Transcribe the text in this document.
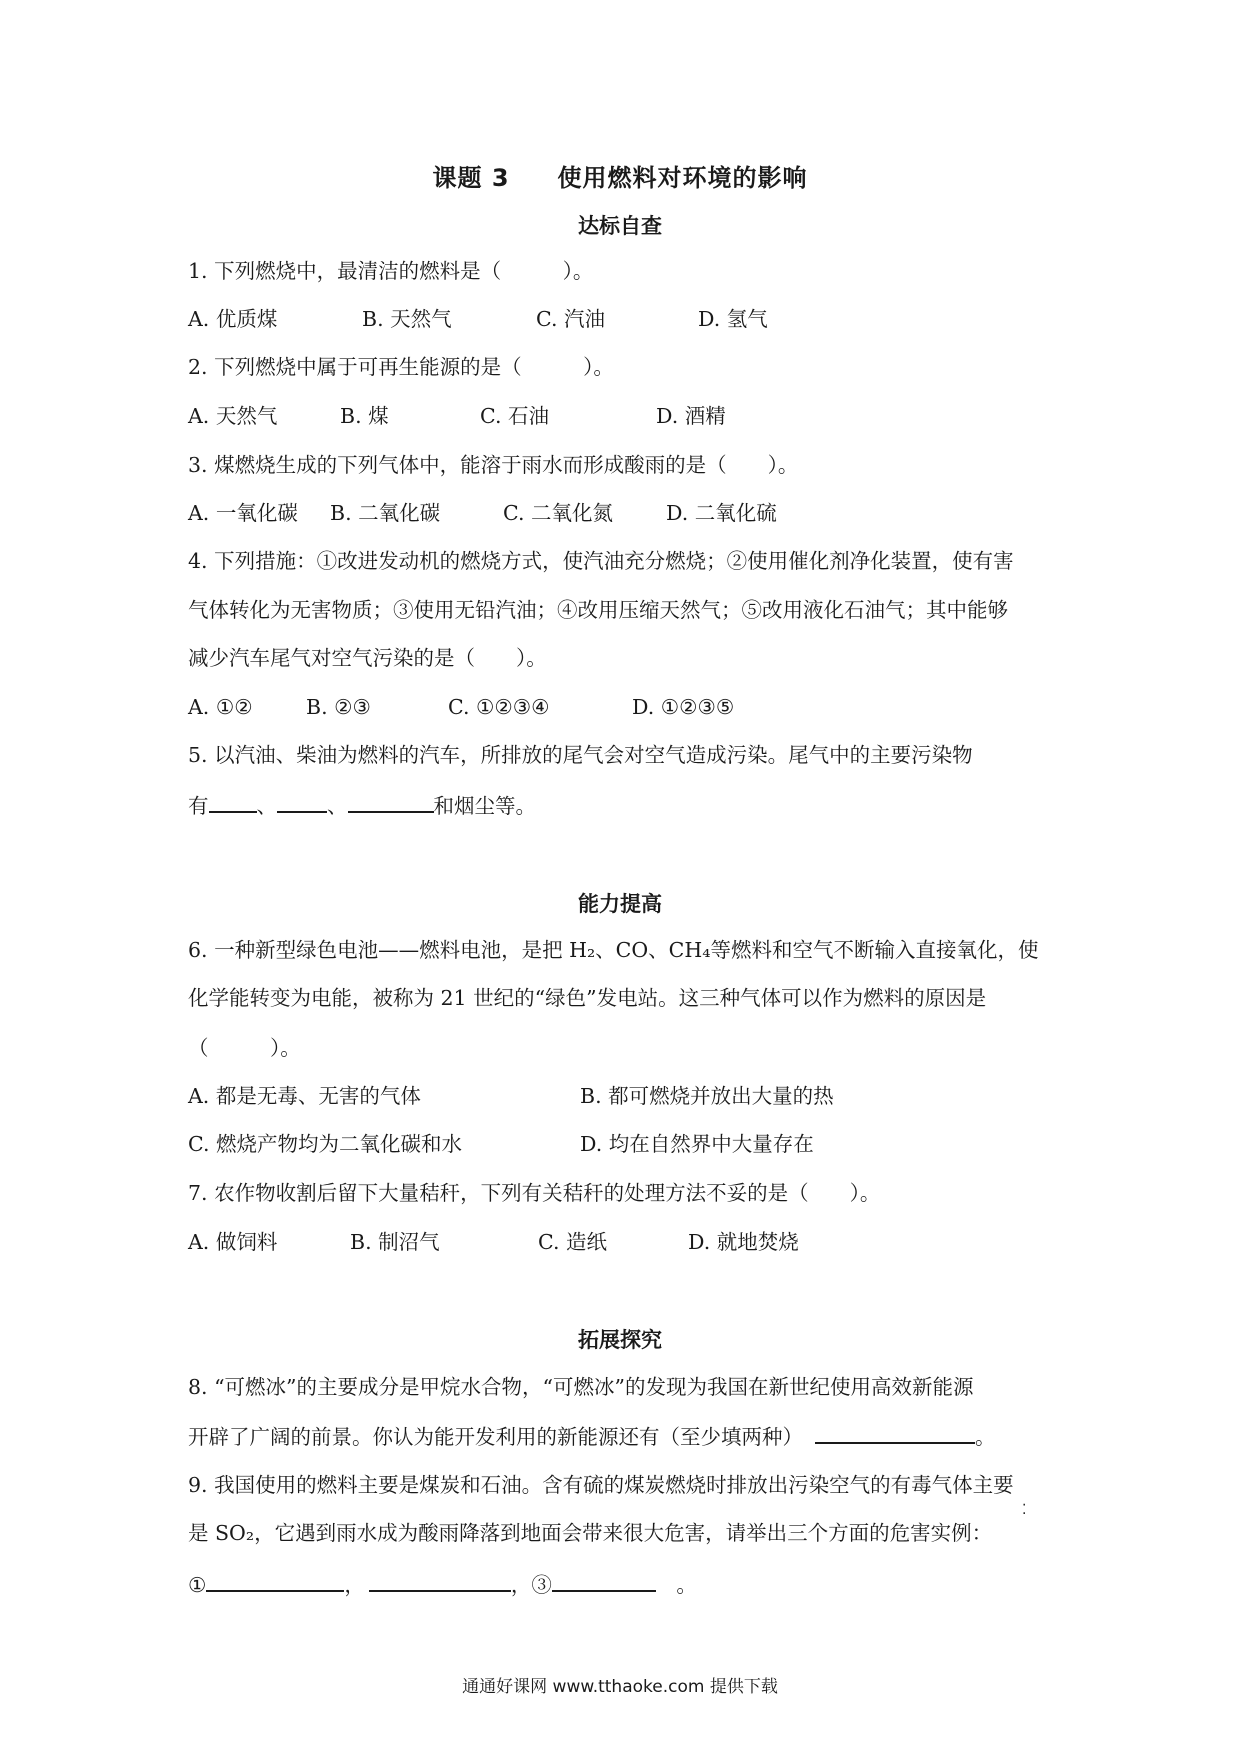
课题 3 使用燃料对环境的影响
达标自查
1. 下列燃烧中，最清洁的燃料是（　　　）。
A. 优质煤	B. 天然气	C. 汽油	D. 氢气
2. 下列燃烧中属于可再生能源的是（　　　）。
A. 天然气	B. 煤	C. 石油	D. 酒精
3. 煤燃烧生成的下列气体中，能溶于雨水而形成酸雨的是（　　）。
A. 一氧化碳 B. 二氧化碳	C. 二氧化氮	D. 二氧化硫
4. 下列措施：①改进发动机的燃烧方式，使汽油充分燃烧；②使用催化剂净化装置，使有害
气体转化为无害物质；③使用无铅汽油；④改用压缩天然气；⑤改用液化石油气；其中能够
减少汽车尾气对空气污染的是（　　）。
A. ①②	B. ②③	C. ①②③④	D. ①②③⑤
5. 以汽油、柴油为燃料的汽车，所排放的尾气会对空气造成污染。尾气中的主要污染物
有 、 、	和烟尘等。
能力提高
6. 一种新型绿色电池——燃料电池，是把 H₂、CO、CH₄等燃料和空气不断输入直接氧化，使
化学能转变为电能，被称为 21 世纪的“绿色”发电站。这三种气体可以作为燃料的原因是
（　　　）。
A. 都是无毒、无害的气体	B. 都可燃烧并放出大量的热
C. 燃烧产物均为二氧化碳和水	D. 均在自然界中大量存在
7. 农作物收割后留下大量秸秆，下列有关秸秆的处理方法不妥的是（　　）。
A. 做饲料	B. 制沼气	C. 造纸	D. 就地焚烧
拓展探究
8. “可燃冰”的主要成分是甲烷水合物，“可燃冰”的发现为我国在新世纪使用高效新能源
开辟了广阔的前景。你认为能开发利用的新能源还有（至少填两种）	。
9. 我国使用的燃料主要是煤炭和石油。含有硫的煤炭燃烧时排放出污染空气的有毒气体主要
⁚
是 SO₂，它遇到雨水成为酸雨降落到地面会带来很大危害，请举出三个方面的危害实例：
①	，	，③	　。
通通好课网 www.tthaoke.com 提供下载
